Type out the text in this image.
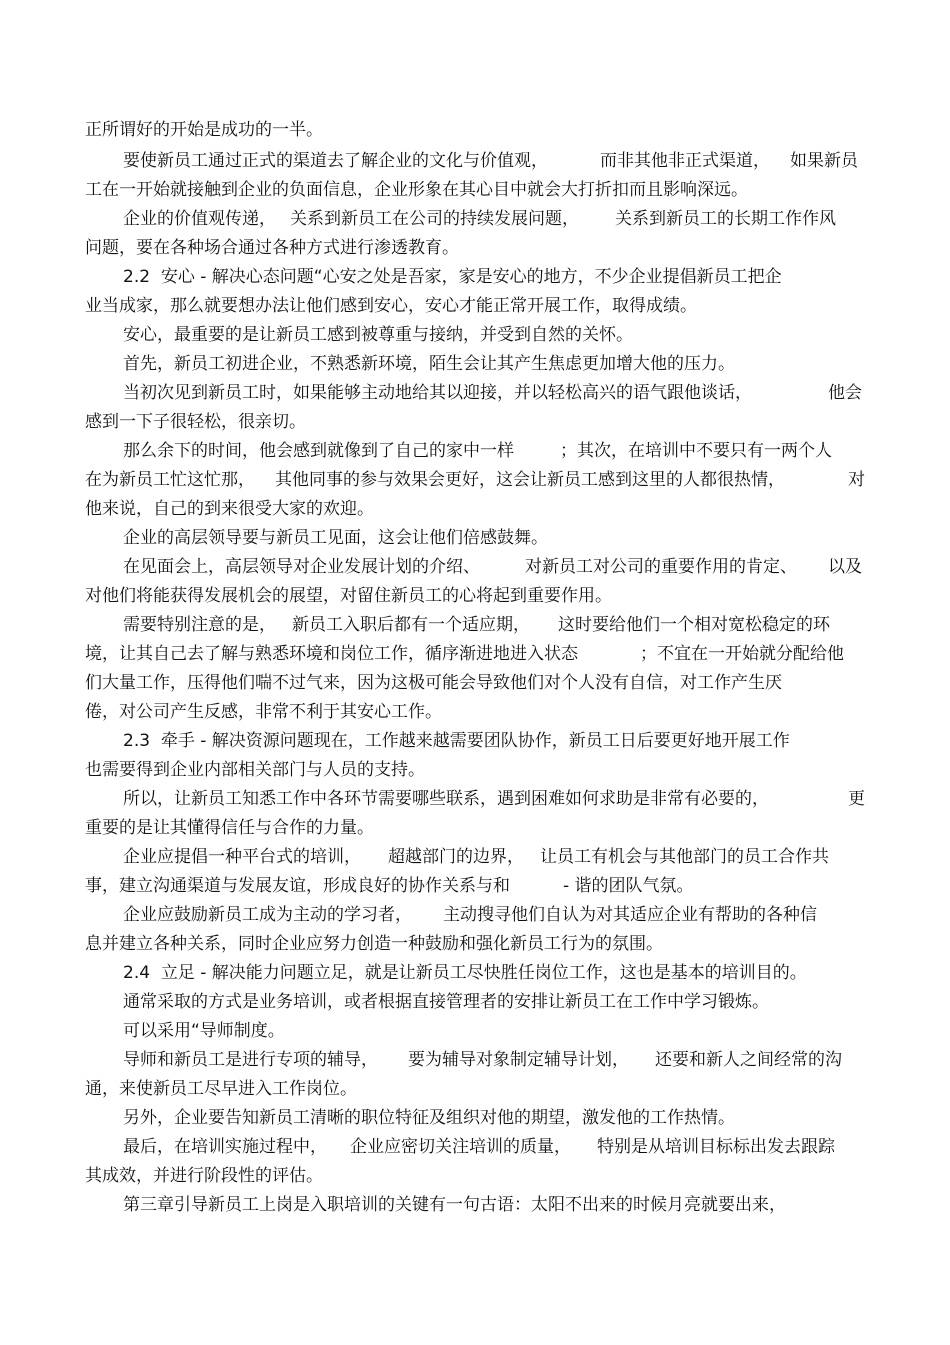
正所谓好的开始是成功的一半。

要使新员工通过正式的渠道去了解企业的文化与价值观，

	而非其他非正式渠道，

如果新员

工在一开始就接触到企业的负面信息，企业形象在其心目中就会大打折扣而且影响深远。

企业的价值观传递，

关系到新员工在公司的持续发展问题，

关系到新员工的长期工作作风

问题，要在各种场合通过各种方式进行渗透教育。

2.2  安心 - 解决心态问题“心安之处是吾家，家是安心的地方，不少企业提倡新员工把企

业当成家，那么就要想办法让他们感到安心，安心才能正常开展工作，取得成绩。

安心，最重要的是让新员工感到被尊重与接纳，并受到自然的关怀。

首先，新员工初进企业，不熟悉新环境，陌生会让其产生焦虑更加增大他的压力。

当初次见到新员工时，如果能够主动地给其以迎接，并以轻松高兴的语气跟他谈话，

	他会

感到一下子很轻松，很亲切。

那么余下的时间，他会感到就像到了自己的家中一样

	；其次，在培训中不要只有一两个人

在为新员工忙这忙那，

其他同事的参与效果会更好，这会让新员工感到这里的人都很热情，

	对

他来说，自己的到来很受大家的欢迎。

企业的高层领导要与新员工见面，这会让他们倍感鼓舞。

在见面会上，高层领导对企业发展计划的介绍、

	对新员工对公司的重要作用的肯定、

以及

对他们将能获得发展机会的展望，对留住新员工的心将起到重要作用。

需要特别注意的是，

新员工入职后都有一个适应期，

这时要给他们一个相对宽松稳定的环

境，让其自己去了解与熟悉环境和岗位工作，循序渐进地进入状态

	；不宜在一开始就分配给他

们大量工作，压得他们喘不过气来，因为这极可能会导致他们对个人没有自信，对工作产生厌

倦，对公司产生反感，非常不利于其安心工作。

2.3  牵手 - 解决资源问题现在，工作越来越需要团队协作，新员工日后要更好地开展工作

也需要得到企业内部相关部门与人员的支持。

所以，让新员工知悉工作中各环节需要哪些联系，遇到困难如何求助是非常有必要的，

	更

重要的是让其懂得信任与合作的力量。

企业应提倡一种平台式的培训，

超越部门的边界，

让员工有机会与其他部门的员工合作共

事，建立沟通渠道与发展友谊，形成良好的协作关系与和

	- 谐的团队气氛。

企业应鼓励新员工成为主动的学习者，

主动搜寻他们自认为对其适应企业有帮助的各种信

息并建立各种关系，同时企业应努力创造一种鼓励和强化新员工行为的氛围。

2.4  立足 - 解决能力问题立足，就是让新员工尽快胜任岗位工作，这也是基本的培训目的。

通常采取的方式是业务培训，或者根据直接管理者的安排让新员工在工作中学习锻炼。

可以采用“导师制度。

导师和新员工是进行专项的辅导，

要为辅导对象制定辅导计划，

还要和新人之间经常的沟

通，来使新员工尽早进入工作岗位。

另外，企业要告知新员工清晰的职位特征及组织对他的期望，激发他的工作热情。

最后，在培训实施过程中，

企业应密切关注培训的质量，

特别是从培训目标标出发去跟踪

其成效，并进行阶段性的评估。

第三章引导新员工上岗是入职培训的关键有一句古语：太阳不出来的时候月亮就要出来，
